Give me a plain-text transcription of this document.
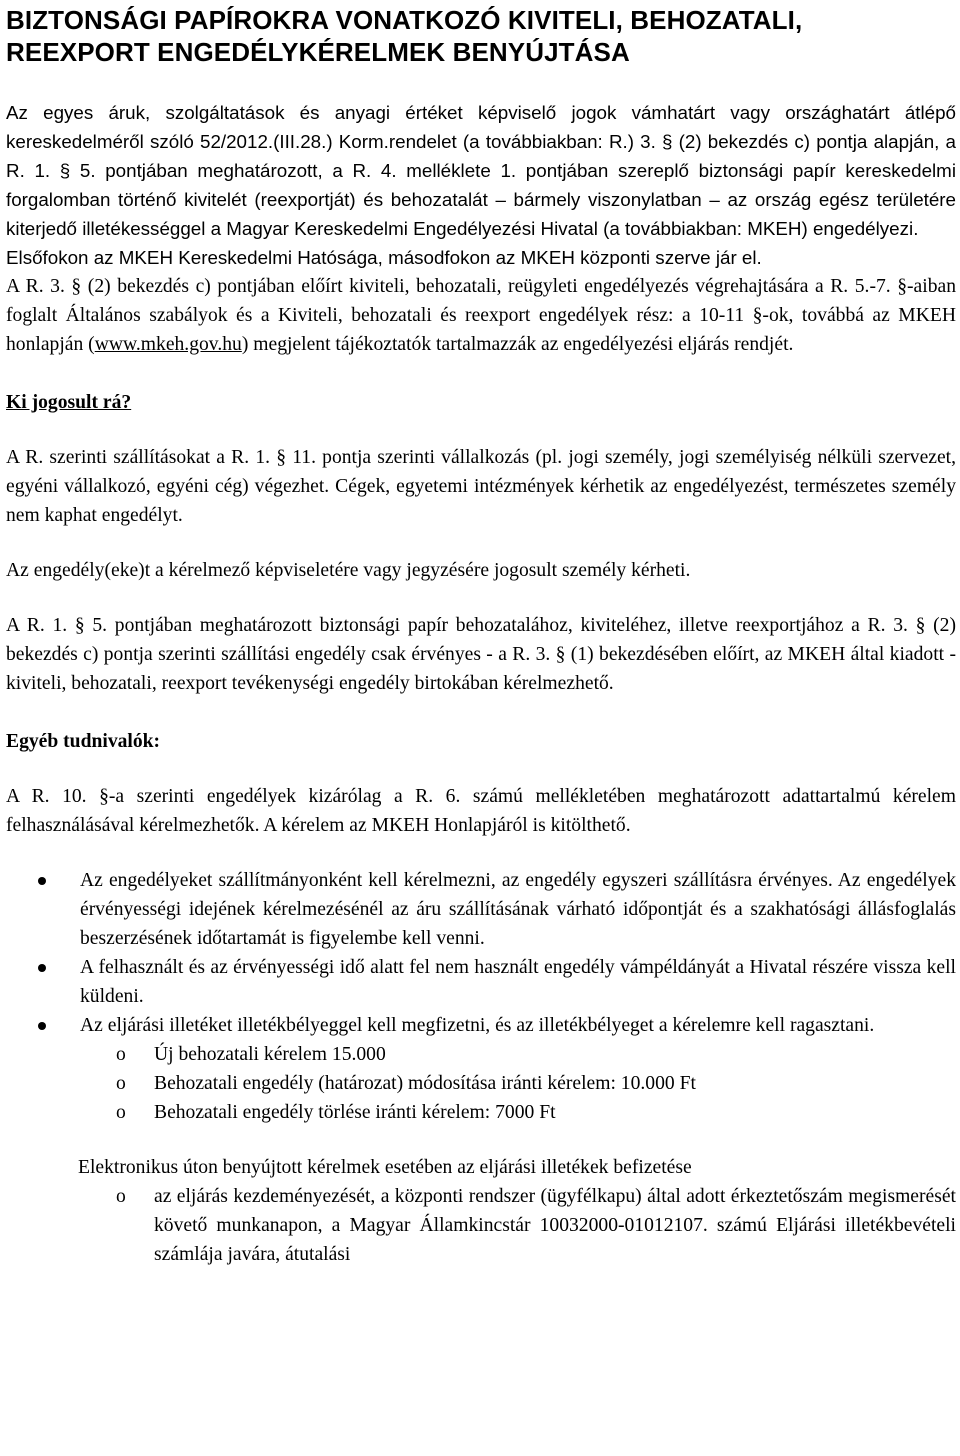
BIZTONSÁGI PAPÍROKRA VONATKOZÓ KIVITELI, BEHOZATALI,
REEXPORT ENGEDÉLYKÉRELMEK BENYÚJTÁSA

Az egyes áruk, szolgáltatások és anyagi értéket képviselő jogok vámhatárt vagy országhatárt átlépő kereskedelméről szóló 52/2012.(III.28.) Korm.rendelet (a továbbiakban: R.) 3. § (2) bekezdés c) pontja alapján, a R. 1. § 5. pontjában meghatározott, a R. 4. melléklete 1. pontjában szereplő biztonsági papír kereskedelmi forgalomban történő kivitelét (reexportját) és behozatalát – bármely viszonylatban – az ország egész területére kiterjedő illetékességgel a Magyar Kereskedelmi Engedélyezési Hivatal (a továbbiakban: MKEH) engedélyezi.

Elsőfokon az MKEH Kereskedelmi Hatósága, másodfokon az MKEH központi szerve jár el.

A R. 3. § (2) bekezdés c) pontjában előírt kiviteli, behozatali, reügyleti engedélyezés végrehajtására a R. 5.-7. §-aiban foglalt Általános szabályok és a Kiviteli, behozatali és reexport engedélyek rész: a 10-11 §-ok, továbbá az MKEH honlapján (www.mkeh.gov.hu) megjelent tájékoztatók tartalmazzák az engedélyezési eljárás rendjét.

Ki jogosult rá?

A R. szerinti szállításokat a R. 1. § 11. pontja szerinti vállalkozás (pl. jogi személy, jogi személyiség nélküli szervezet, egyéni vállalkozó, egyéni cég) végezhet. Cégek, egyetemi intézmények kérhetik az engedélyezést, természetes személy nem kaphat engedélyt.

Az engedély(eke)t a kérelmező képviseletére vagy jegyzésére jogosult személy kérheti.

A R. 1. § 5. pontjában meghatározott biztonsági papír behozatalához, kiviteléhez, illetve reexportjához a R. 3. § (2) bekezdés c) pontja szerinti szállítási engedély csak érvényes - a R. 3. § (1) bekezdésében előírt, az MKEH által kiadott - kiviteli, behozatali, reexport tevékenységi engedély birtokában kérelmezhető.

Egyéb tudnivalók:

A R. 10. §-a szerinti engedélyek kizárólag a R. 6. számú mellékletében meghatározott adattartalmú kérelem felhasználásával kérelmezhetők. A kérelem az MKEH Honlapjáról is kitölthető.

Az engedélyeket szállítmányonként kell kérelmezni, az engedély egyszeri szállításra érvényes. Az engedélyek érvényességi idejének kérelmezésénél az áru szállításának várható időpontját és a szakhatósági állásfoglalás beszerzésének időtartamát is figyelembe kell venni.
A felhasznált és az érvényességi idő alatt fel nem használt engedély vámpéldányát a Hivatal részére vissza kell küldeni.
Az eljárási illetéket illetékbélyeggel kell megfizetni, és az illetékbélyeget a kérelemre kell ragasztani.
o Új behozatali kérelem 15.000
o Behozatali engedély (határozat) módosítása iránti kérelem: 10.000 Ft
o Behozatali engedély törlése iránti kérelem: 7000 Ft

Elektronikus úton benyújtott kérelmek esetében az eljárási illetékek befizetése

o az eljárás kezdeményezését, a központi rendszer (ügyfélkapu) által adott érkeztetőszám megismerését követő munkanapon, a Magyar Államkincstár 10032000-01012107. számú Eljárási illetékbevételi számlája javára, átutalási
